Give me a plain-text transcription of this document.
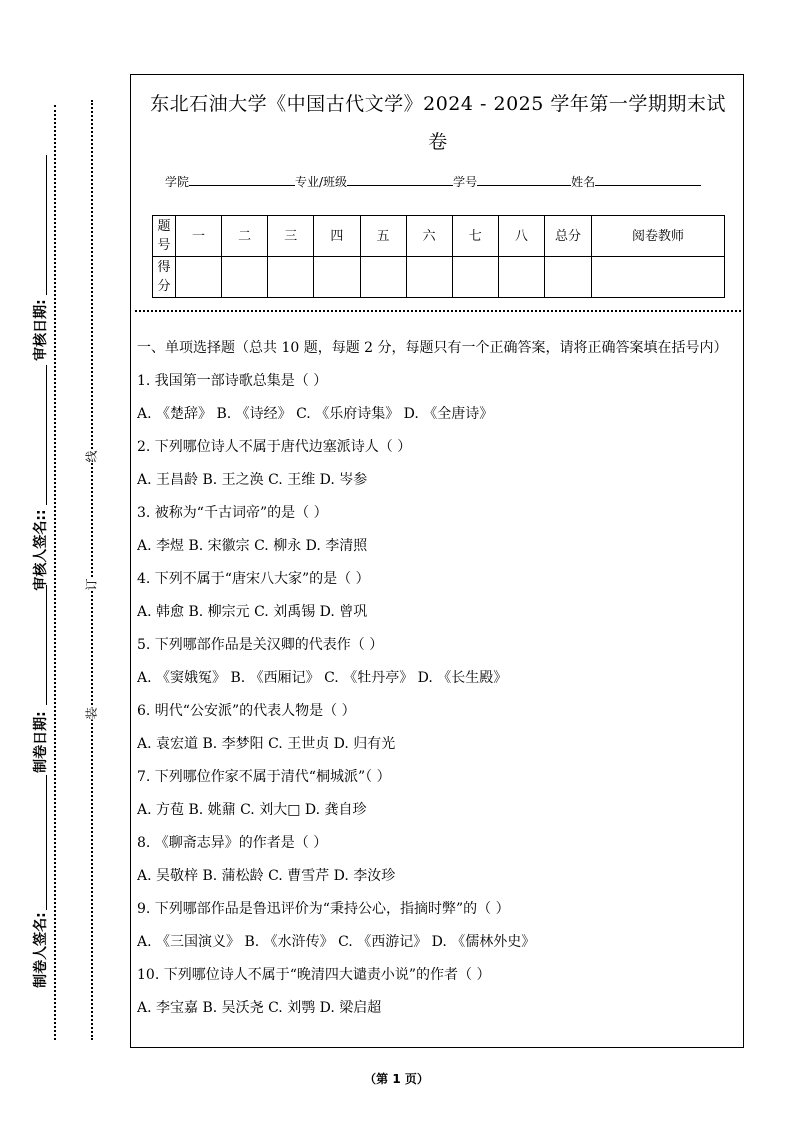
审核日期:
审核人签名::
制卷日期:
制卷人签名:
线
订
装
东北石油大学《中国古代文学》2024 - 2025 学年第一学期期末试
卷
学院	专业/班级	学号	姓名
题号	一	二	三	四	五	六	七	八	总分	阅卷教师
得分										
一、单项选择题（总共 10 题，每题 2 分，每题只有一个正确答案，请将正确答案填在括号内）
1. 我国第一部诗歌总集是（ ）
A. 《楚辞》 B. 《诗经》 C. 《乐府诗集》 D. 《全唐诗》
2. 下列哪位诗人不属于唐代边塞派诗人（ ）
A. 王昌龄 B. 王之涣 C. 王维 D. 岑参
3. 被称为“千古词帝”的是（ ）
A. 李煜 B. 宋徽宗 C. 柳永 D. 李清照
4. 下列不属于“唐宋八大家”的是（ ）
A. 韩愈 B. 柳宗元 C. 刘禹锡 D. 曾巩
5. 下列哪部作品是关汉卿的代表作（ ）
A. 《窦娥冤》 B. 《西厢记》 C. 《牡丹亭》 D. 《长生殿》
6. 明代“公安派”的代表人物是（ ）
A. 袁宏道 B. 李梦阳 C. 王世贞 D. 归有光
7. 下列哪位作家不属于清代“桐城派”（ ）
A. 方苞 B. 姚鼐 C. 刘大□ D. 龚自珍
8. 《聊斋志异》的作者是（ ）
A. 吴敬梓 B. 蒲松龄 C. 曹雪芹 D. 李汝珍
9. 下列哪部作品是鲁迅评价为“秉持公心，指摘时弊”的（ ）
A. 《三国演义》 B. 《水浒传》 C. 《西游记》 D. 《儒林外史》
10. 下列哪位诗人不属于“晚清四大谴责小说”的作者（ ）
A. 李宝嘉 B. 吴沃尧 C. 刘鹗 D. 梁启超
（第 1 页）
